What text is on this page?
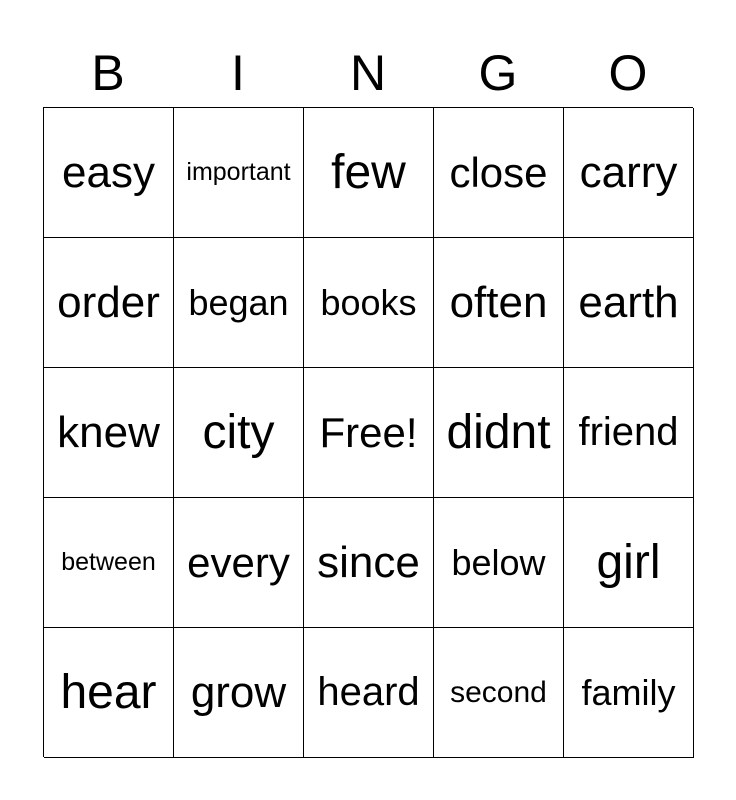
B	I	N	G	O
easy	important few	close carry
order began books often earth
knew city	Free! didnt friend
between every since below	girl
hear grow heard	second family
